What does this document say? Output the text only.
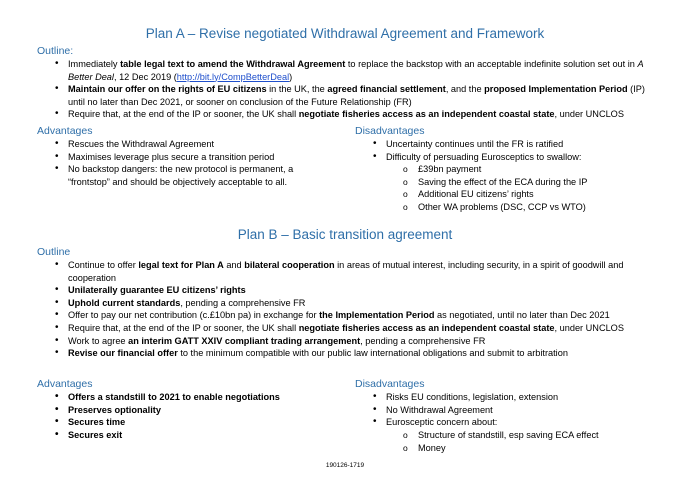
Plan A – Revise negotiated Withdrawal Agreement and Framework
Outline:
• Immediately table legal text to amend the Withdrawal Agreement to replace the backstop with an acceptable indefinite solution set out in A Better Deal, 12 Dec 2019 (http://bit.ly/CompBetterDeal)
• Maintain our offer on the rights of EU citizens in the UK, the agreed financial settlement, and the proposed Implementation Period (IP) until no later than Dec 2021, or sooner on conclusion of the Future Relationship (FR)
• Require that, at the end of the IP or sooner, the UK shall negotiate fisheries access as an independent coastal state, under UNCLOS
Advantages
• Rescues the Withdrawal Agreement
• Maximises leverage plus secure a transition period
• No backstop dangers: the new protocol is permanent, a “frontstop” and should be objectively acceptable to all.
Disadvantages
• Uncertainty continues until the FR is ratified
• Difficulty of persuading Eurosceptics to swallow:
o £39bn payment
o Saving the effect of the ECA during the IP
o Additional EU citizens’ rights
o Other WA problems (DSC, CCP vs WTO)
Plan B – Basic transition agreement
Outline
• Continue to offer legal text for Plan A and bilateral cooperation in areas of mutual interest, including security, in a spirit of goodwill and cooperation
• Unilaterally guarantee EU citizens’ rights
• Uphold current standards, pending a comprehensive FR
• Offer to pay our net contribution (c.£10bn pa) in exchange for the Implementation Period as negotiated, until no later than Dec 2021
• Require that, at the end of the IP or sooner, the UK shall negotiate fisheries access as an independent coastal state, under UNCLOS
• Work to agree an interim GATT XXIV compliant trading arrangement, pending a comprehensive FR
• Revise our financial offer to the minimum compatible with our public law international obligations and submit to arbitration
Advantages
• Offers a standstill to 2021 to enable negotiations
• Preserves optionality
• Secures time
• Secures exit
Disadvantages
• Risks EU conditions, legislation, extension
• No Withdrawal Agreement
• Eurosceptic concern about:
o Structure of standstill, esp saving ECA effect
o Money
190126-1719
